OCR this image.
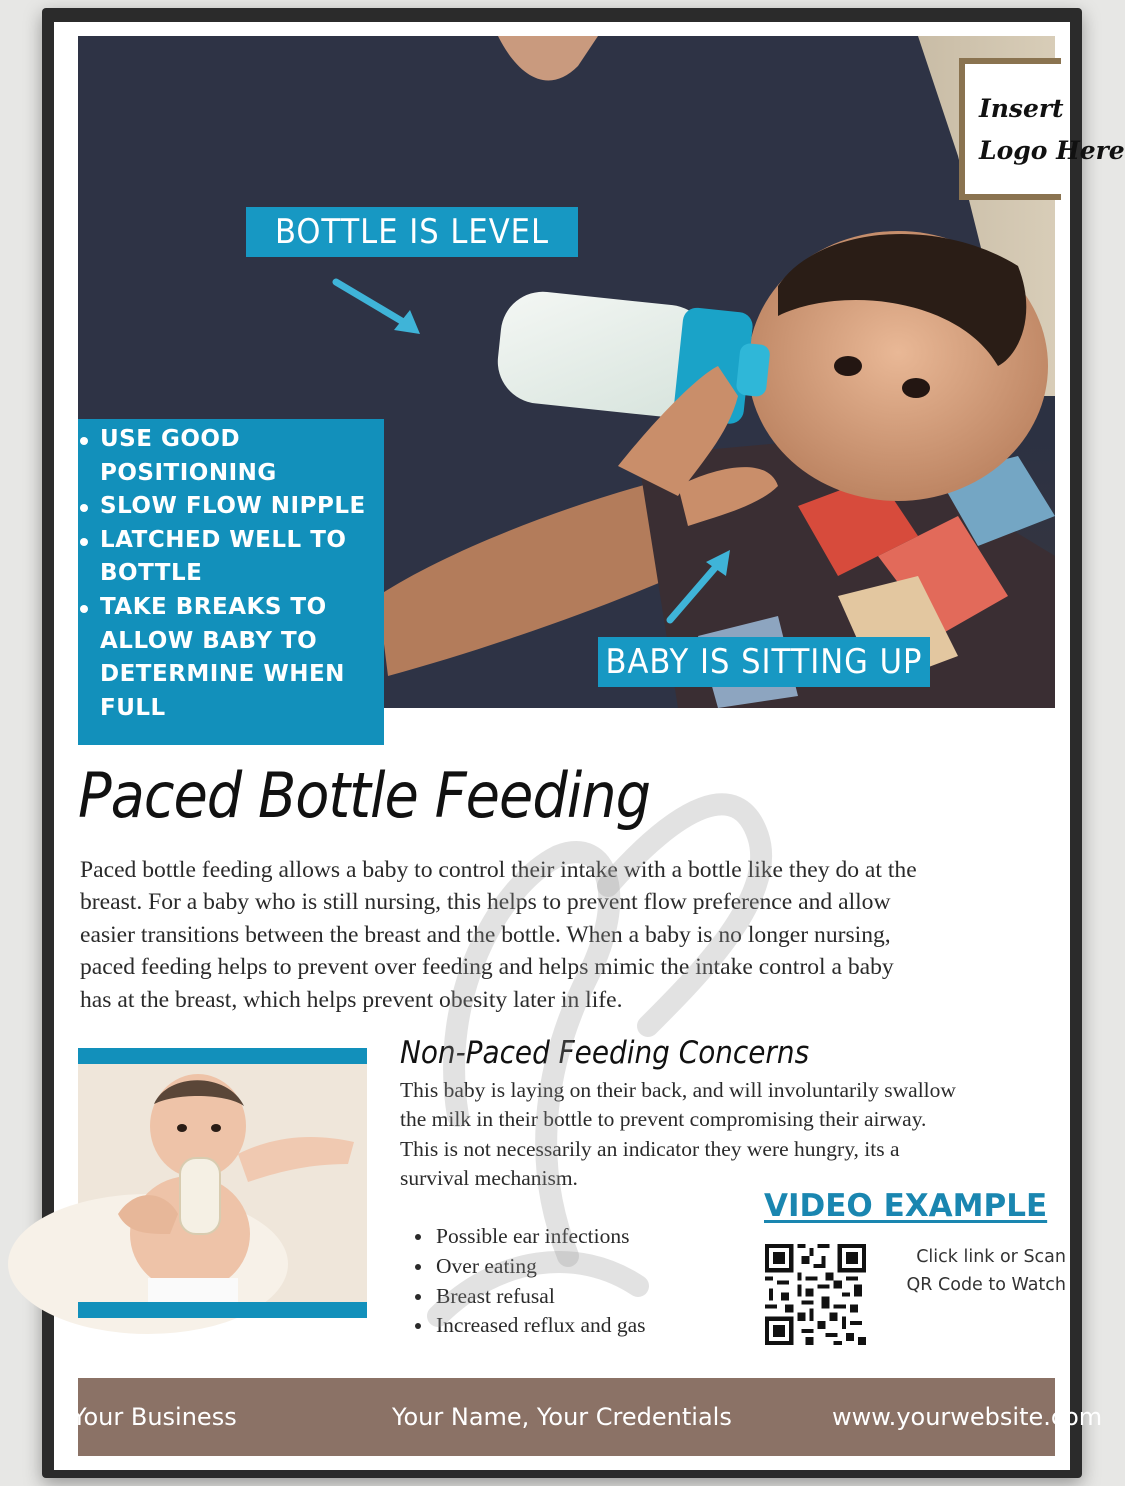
Insert
Logo Here
BOTTLE IS LEVEL
BABY IS SITTING UP
USE GOOD
POSITIONING
SLOW FLOW NIPPLE
LATCHED WELL TO
BOTTLE
TAKE BREAKS TO
ALLOW BABY TO
DETERMINE WHEN
FULL
Paced Bottle Feeding

Paced bottle feeding allows a baby to control their intake with a bottle like they do at the
breast. For a baby who is still nursing, this helps to prevent flow preference and allow
easier transitions between the breast and the bottle. When a baby is no longer nursing,
paced feeding helps to prevent over feeding and helps mimic the intake control a baby
has at the breast, which helps prevent obesity later in life.

Non-Paced Feeding Concerns
This baby is laying on their back, and will involuntarily swallow
the milk in their bottle to prevent compromising their airway.
This is not necessarily an indicator they were hungry, its a
survival mechanism.
Possible ear infections
Over eating
Breast refusal
Increased reflux and gas
VIDEO EXAMPLE
Click link or Scan
QR Code to Watch
Your Business	Your Name, Your Credentials	www.yourwebsite.com
